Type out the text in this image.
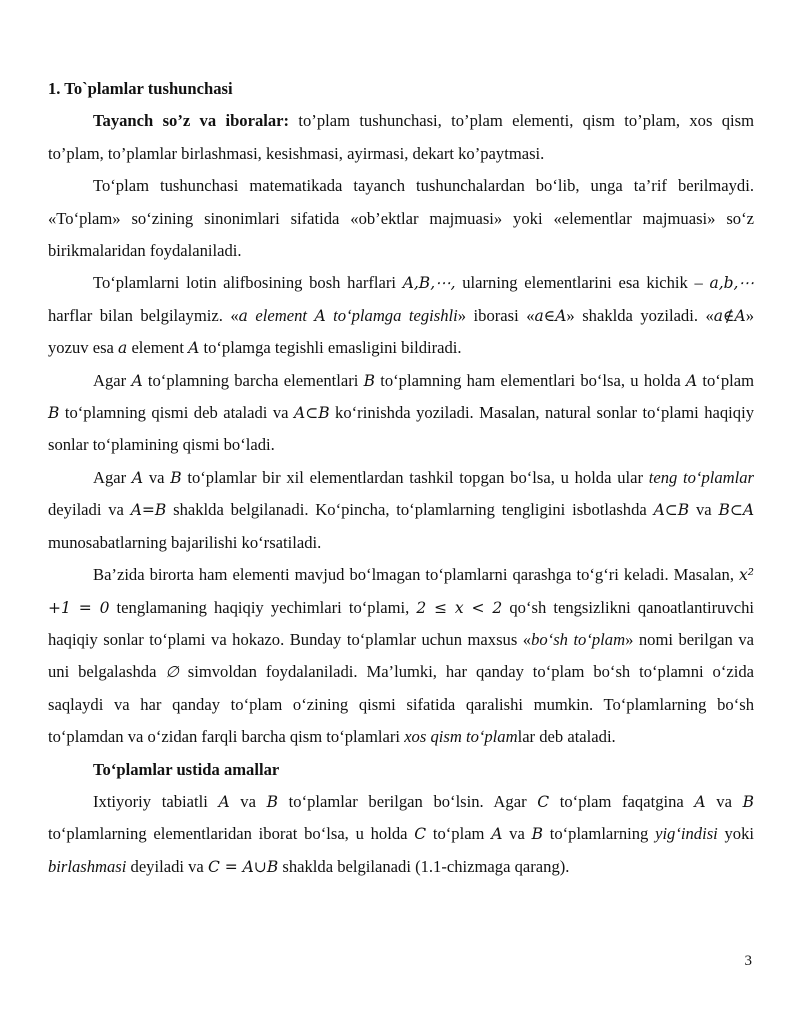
1. To`plamlar tushunchasi

Tayanch so’z va iboralar: to’plam tushunchasi, to’plam elementi, qism to’plam, xos qism to’plam, to’plamlar birlashmasi, kesishmasi, ayirmasi, dekart ko’paytmasi.

To‘plam tushunchasi matematikada tayanch tushunchalardan bo‘lib, unga ta’rif berilmaydi. «To‘plam» so‘zining sinonimlari sifatida «ob’ektlar majmuasi» yoki «elementlar majmuasi» so‘z birikmalaridan foydalaniladi.

To‘plamlarni lotin alifbosining bosh harflari A,B,⋯, ularning elementlarini esa kichik – a,b,⋯ harflar bilan belgilaymiz. «a element A to‘plamga tegishli» iborasi «a∈A» shaklda yoziladi. «a∉A» yozuv esa a element A to‘plamga tegishli emasligini bildiradi.

Agar A to‘plamning barcha elementlari B to‘plamning ham elementlari bo‘lsa, u holda A to‘plam B to‘plamning qismi deb ataladi va A⊂B ko‘rinishda yoziladi. Masalan, natural sonlar to‘plami haqiqiy sonlar to‘plamining qismi bo‘ladi.

Agar A va B to‘plamlar bir xil elementlardan tashkil topgan bo‘lsa, u holda ular teng to‘plamlar deyiladi va A=B shaklda belgilanadi. Ko‘pincha, to‘plamlarning tengligini isbotlashda A⊂B va B⊂A munosabatlarning bajarilishi ko‘rsatiladi.

Ba’zida birorta ham elementi mavjud bo‘lmagan to‘plamlarni qarashga to‘g‘ri keladi. Masalan, x² +1 = 0 tenglamaning haqiqiy yechimlari to‘plami, 2 ≤ x < 2 qo‘sh tengsizlikni qanoatlantiruvchi haqiqiy sonlar to‘plami va hokazo. Bunday to‘plamlar uchun maxsus «bo‘sh to‘plam» nomi berilgan va uni belgalashda ∅ simvoldan foydalaniladi. Ma’lumki, har qanday to‘plam bo‘sh to‘plamni o‘zida saqlaydi va har qanday to‘plam o‘zining qismi sifatida qaralishi mumkin. To‘plamlarning bo‘sh to‘plamdan va o‘zidan farqli barcha qism to‘plamlari xos qism to‘plamlar deb ataladi.

To‘plamlar ustida amallar

Ixtiyoriy tabiatli A va B to‘plamlar berilgan bo‘lsin. Agar C to‘plam faqatgina A va B to‘plamlarning elementlaridan iborat bo‘lsa, u holda C to‘plam A va B to‘plamlarning yig‘indisi yoki birlashmasi deyiladi va C = A∪B shaklda belgilanadi (1.1-chizmaga qarang).

3
